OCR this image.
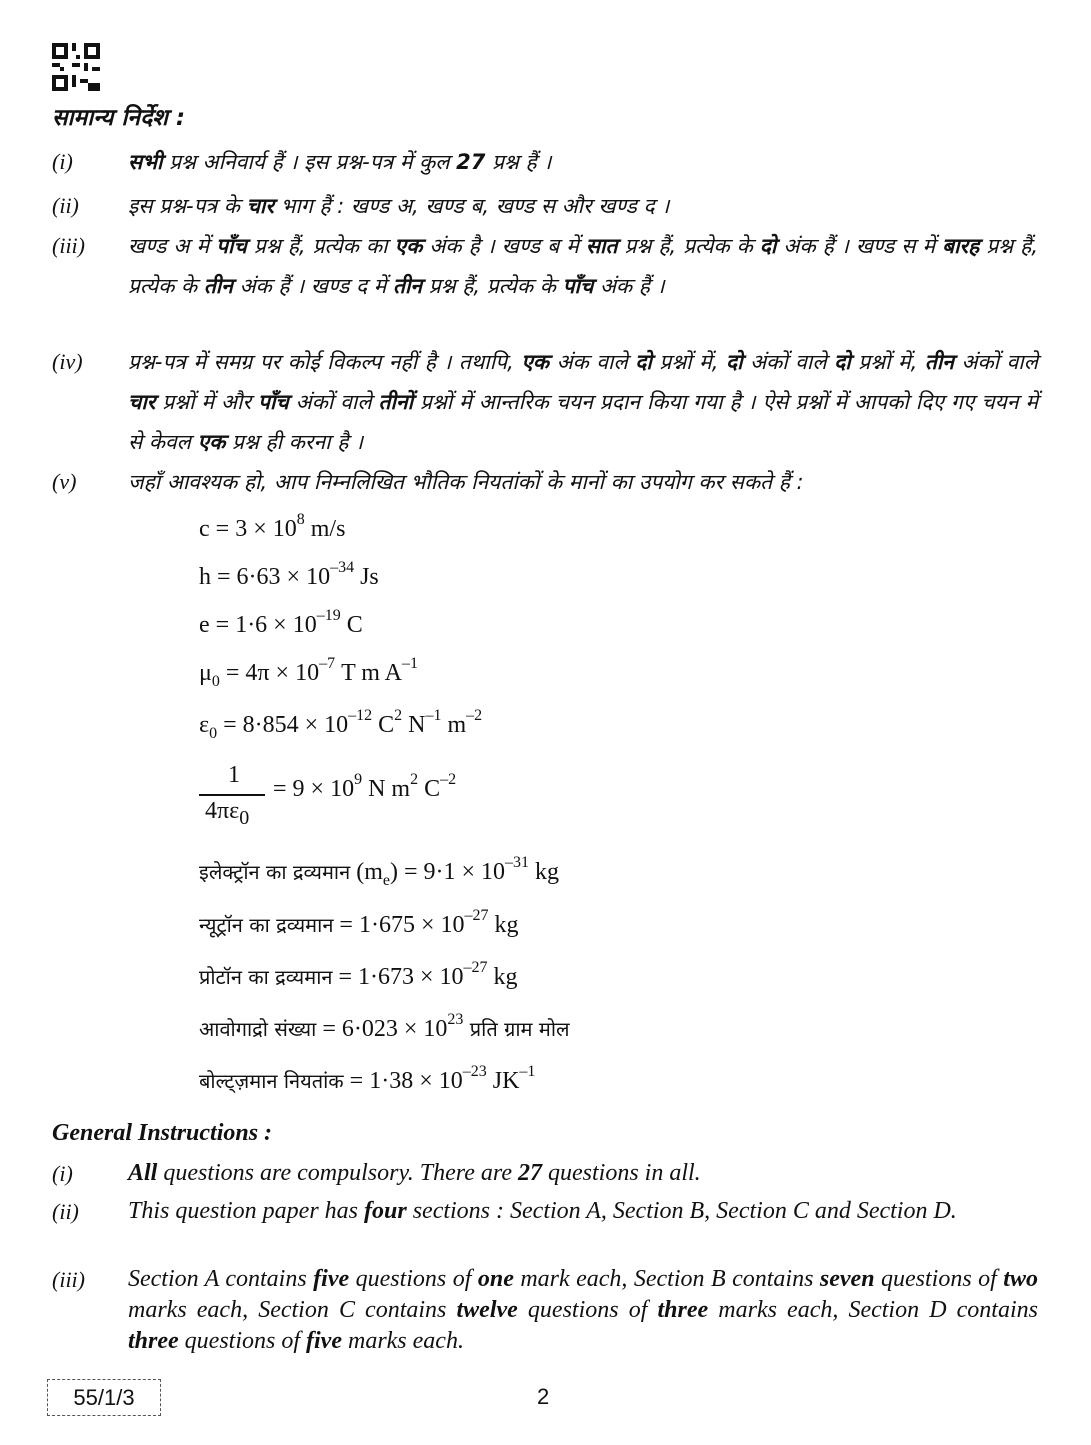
सामान्य निर्देश :
(i)	सभी प्रश्न अनिवार्य हैं । इस प्रश्न-पत्र में कुल 27 प्रश्न हैं ।
(ii) इस प्रश्न-पत्र के चार भाग हैं : खण्ड अ, खण्ड ब, खण्ड स और खण्ड द ।
(iii) खण्ड अ में पाँच प्रश्न हैं, प्रत्येक का एक अंक है । खण्ड ब में सात प्रश्न हैं, प्रत्येक के दो अंक हैं । खण्ड स में बारह प्रश्न हैं, प्रत्येक के तीन अंक हैं । खण्ड द में तीन प्रश्न हैं, प्रत्येक के पाँच अंक हैं ।
(iv) प्रश्न-पत्र में समग्र पर कोई विकल्प नहीं है । तथापि, एक अंक वाले दो प्रश्नों में, दो अंकों वाले दो प्रश्नों में, तीन अंकों वाले चार प्रश्नों में और पाँच अंकों वाले तीनों प्रश्नों में आन्तरिक चयन प्रदान किया गया है । ऐसे प्रश्नों में आपको दिए गए चयन में से केवल एक प्रश्न ही करना है ।
(v) जहाँ आवश्यक हो, आप निम्नलिखित भौतिक नियतांकों के मानों का उपयोग कर सकते हैं :
$c = 3 \times 10^8$ m/s
$h = 6\cdot 63 \times 10^{-34}$ Js
$e = 1\cdot 6 \times 10^{-19}$ C
$\mu_0 = 4\pi \times 10^{-7}$ T m $A^{-1}$
$\varepsilon_0 = 8\cdot 854 \times 10^{-12}$ $C^2$ $N^{-1}$ $m^{-2}$
1
$4\pi\varepsilon_0$
= $9 \times 10^9$ N $m^2$ $C^{-2}$
इलेक्ट्रॉन का द्रव्यमान $(m_e) = 9\cdot 1 \times 10^{-31}$ kg
न्यूट्रॉन का द्रव्यमान = $1\cdot 675 \times 10^{-27}$ kg
प्रोटॉन का द्रव्यमान = $1\cdot 673 \times 10^{-27}$ kg
आवोगाद्रो संख्या = $6\cdot 023 \times 10^{23}$ प्रति ग्राम मोल
बोल्ट्ज़मान नियतांक = $1\cdot 38 \times 10^{-23}$ $JK^{-1}$
General Instructions :
(i) All questions are compulsory. There are 27 questions in all.
(ii) This question paper has four sections : Section A, Section B, Section C and Section D.
(iii) Section A contains five questions of one mark each, Section B contains seven questions of two marks each, Section C contains twelve questions of three marks each, Section D contains three questions of five marks each.
55/1/3	2
